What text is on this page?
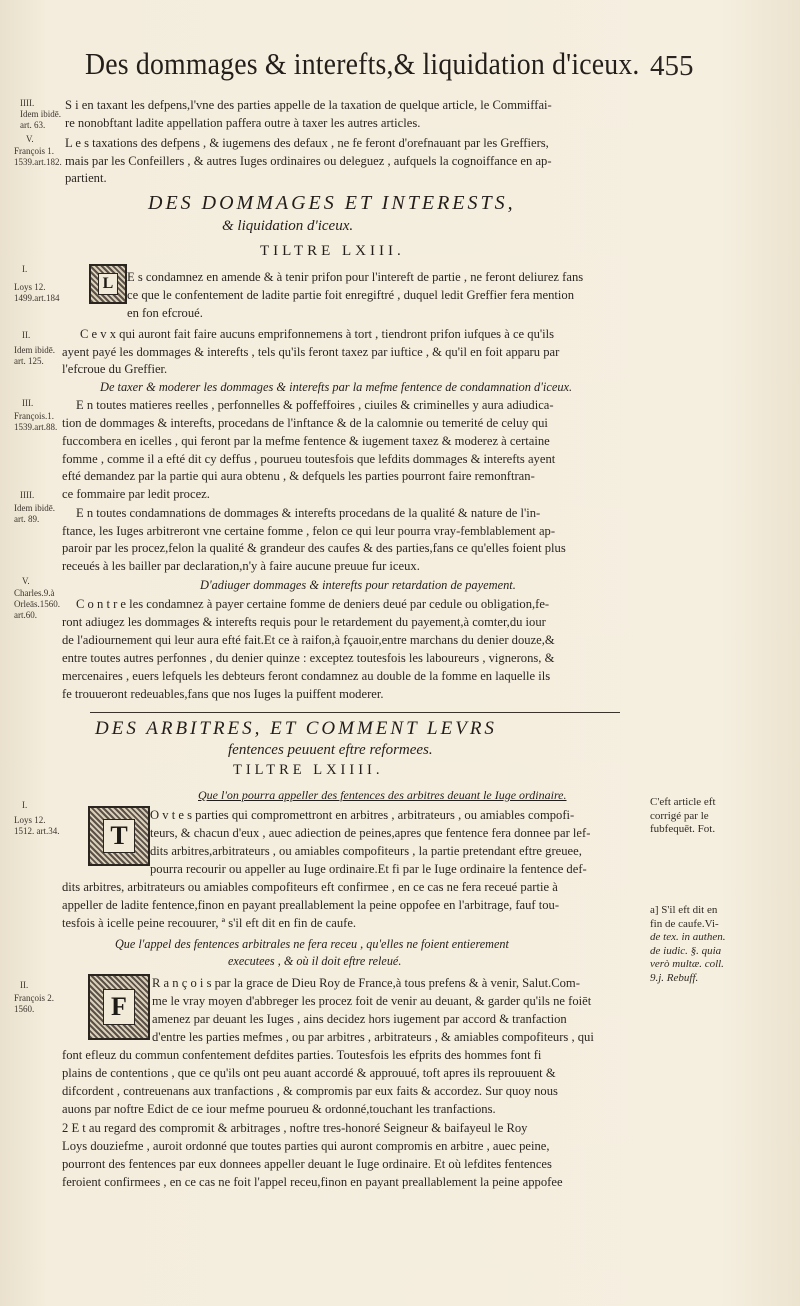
Des dommages & interefts,& liquidation d'iceux. 455
IIII.
Idem ibidē.
art. 63.
V.
François 1.
1539.art.182.
I.
Loys 12.
1499.art.184
II.
Idem ibidē.
art. 125.
III.
François.1.
1539.art.88.
IIII.
Idem ibidē.
art. 89.
V.
Charles.9.à
Orleās.1560.
art.60.
I.
Loys 12.
1512. art.34.
II.
François 2.
1560.
C'eft article eft
corrigé par le
fubfequēt. Fot.
a] S'il eft dit en
fin de caufe.Vi-
de tex. in authen.
de iudic. §. quia
verò multæ. coll.
9.j. Rebuff.
S i en taxant les defpens,l'vne des parties appelle de la taxation de quelque article, le Commiffai-
re nonobftant ladite appellation paffera outre à taxer les autres articles.
L e s taxations des defpens , & iugemens des defaux , ne fe feront d'orefnauant par les Greffiers,
mais par les Confeillers , & autres Iuges ordinaires ou deleguez , aufquels la cognoiffance en ap-
partient.
DES DOMMAGES ET INTERESTS,
& liquidation d'iceux.
TILTRE LXIII.
L	E s condamnez en amende & à tenir prifon pour l'intereft de partie , ne feront deliurez fans
ce que le confentement de ladite partie foit enregiftré , duquel ledit Greffier fera mention
en fon efcroué.
C e v x qui auront fait faire aucuns emprifonnemens à tort , tiendront prifon iufques à ce qu'ils
ayent payé les dommages & interefts , tels qu'ils feront taxez par iuftice , & qu'il en foit apparu par
l'efcroue du Greffier.
De taxer & moderer les dommages & interefts par la mefme fentence de condamnation d'iceux.
E n toutes matieres reelles , perfonnelles & poffeffoires , ciuiles & criminelles y aura adiudica-
tion de dommages & interefts, procedans de l'inftance & de la calomnie ou temerité de celuy qui
fuccombera en icelles , qui feront par la mefme fentence & iugement taxez & moderez à certaine
fomme , comme il a efté dit cy deffus , pourueu toutesfois que lefdits dommages & interefts ayent
efté demandez par la partie qui aura obtenu , & defquels les parties pourront faire remonftran-
ce fommaire par ledit procez.
E n toutes condamnations de dommages & interefts procedans de la qualité & nature de l'in-
ftance, les Iuges arbitreront vne certaine fomme , felon ce qui leur pourra vray-femblablement ap-
paroir par les procez,felon la qualité & grandeur des caufes & des parties,fans ce qu'elles foient plus
receués à les bailler par declaration,n'y à faire aucune preuue fur iceux.
D'adiuger dommages & interefts pour retardation de payement.
C o n t r e les condamnez à payer certaine fomme de deniers deué par cedule ou obligation,fe-
ront adiugez les dommages & interefts requis pour le retardement du payement,à comter,du iour
de l'adiournement qui leur aura efté fait.Et ce à raifon,à fçauoir,entre marchans du denier douze,&
entre toutes autres perfonnes , du denier quinze : exceptez toutesfois les laboureurs , vignerons, &
mercenaires , euers lefquels les debteurs feront condamnez au double de la fomme en laquelle ils
fe trouueront redeuables,fans que nos Iuges la puiffent moderer.
DES ARBITRES, ET COMMENT LEVRS
fentences peuuent eftre reformees.
TILTRE LXIIII.
Que l'on pourra appeller des fentences des arbitres deuant le Iuge ordinaire.
T
O v t e s parties qui compromettront en arbitres , arbitrateurs , ou amiables compofi-
teurs, & chacun d'eux , auec adiection de peines,apres que fentence fera donnee par lef-
dits arbitres,arbitrateurs , ou amiables compofiteurs , la partie pretendant eftre greuee,
pourra recourir ou appeller au Iuge ordinaire.Et fi par le Iuge ordinaire la fentence def-
dits arbitres, arbitrateurs ou amiables compofiteurs eft confirmee , en ce cas ne fera receué partie à
appeller de ladite fentence,finon en payant preallablement la peine oppofee en l'arbitrage, fauf tou-
tesfois à icelle peine recouurer, ª s'il eft dit en fin de caufe.
Que l'appel des fentences arbitrales ne fera receu , qu'elles ne foient entierement
executees , & où il doit eftre releué.
F
R a n ç o i s par la grace de Dieu Roy de France,à tous prefens & à venir, Salut.Com-
me le vray moyen d'abbreger les procez foit de venir au deuant, & garder qu'ils ne foiēt
amenez par deuant les Iuges , ains decidez hors iugement par accord & tranfaction
d'entre les parties mefmes , ou par arbitres , arbitrateurs , & amiables compofiteurs , qui
font efleuz du commun confentement defdites parties. Toutesfois les efprits des hommes font fi
plains de contentions , que ce qu'ils ont peu auant accordé & approuué, toft apres ils reprouuent &
difcordent , contreuenans aux tranfactions , & compromis par eux faits & accordez. Sur quoy nous
auons par noftre Edict de ce iour mefme pourueu & ordonné,touchant les tranfactions.
2 E t au regard des compromit & arbitrages , noftre tres-honoré Seigneur & baifayeul le Roy
Loys douziefme , auroit ordonné que toutes parties qui auront compromis en arbitre , auec peine,
pourront des fentences par eux donnees appeller deuant le Iuge ordinaire. Et où lefdites fentences
feroient confirmees , en ce cas ne foit l'appel receu,finon en payant preallablement la peine appofee
